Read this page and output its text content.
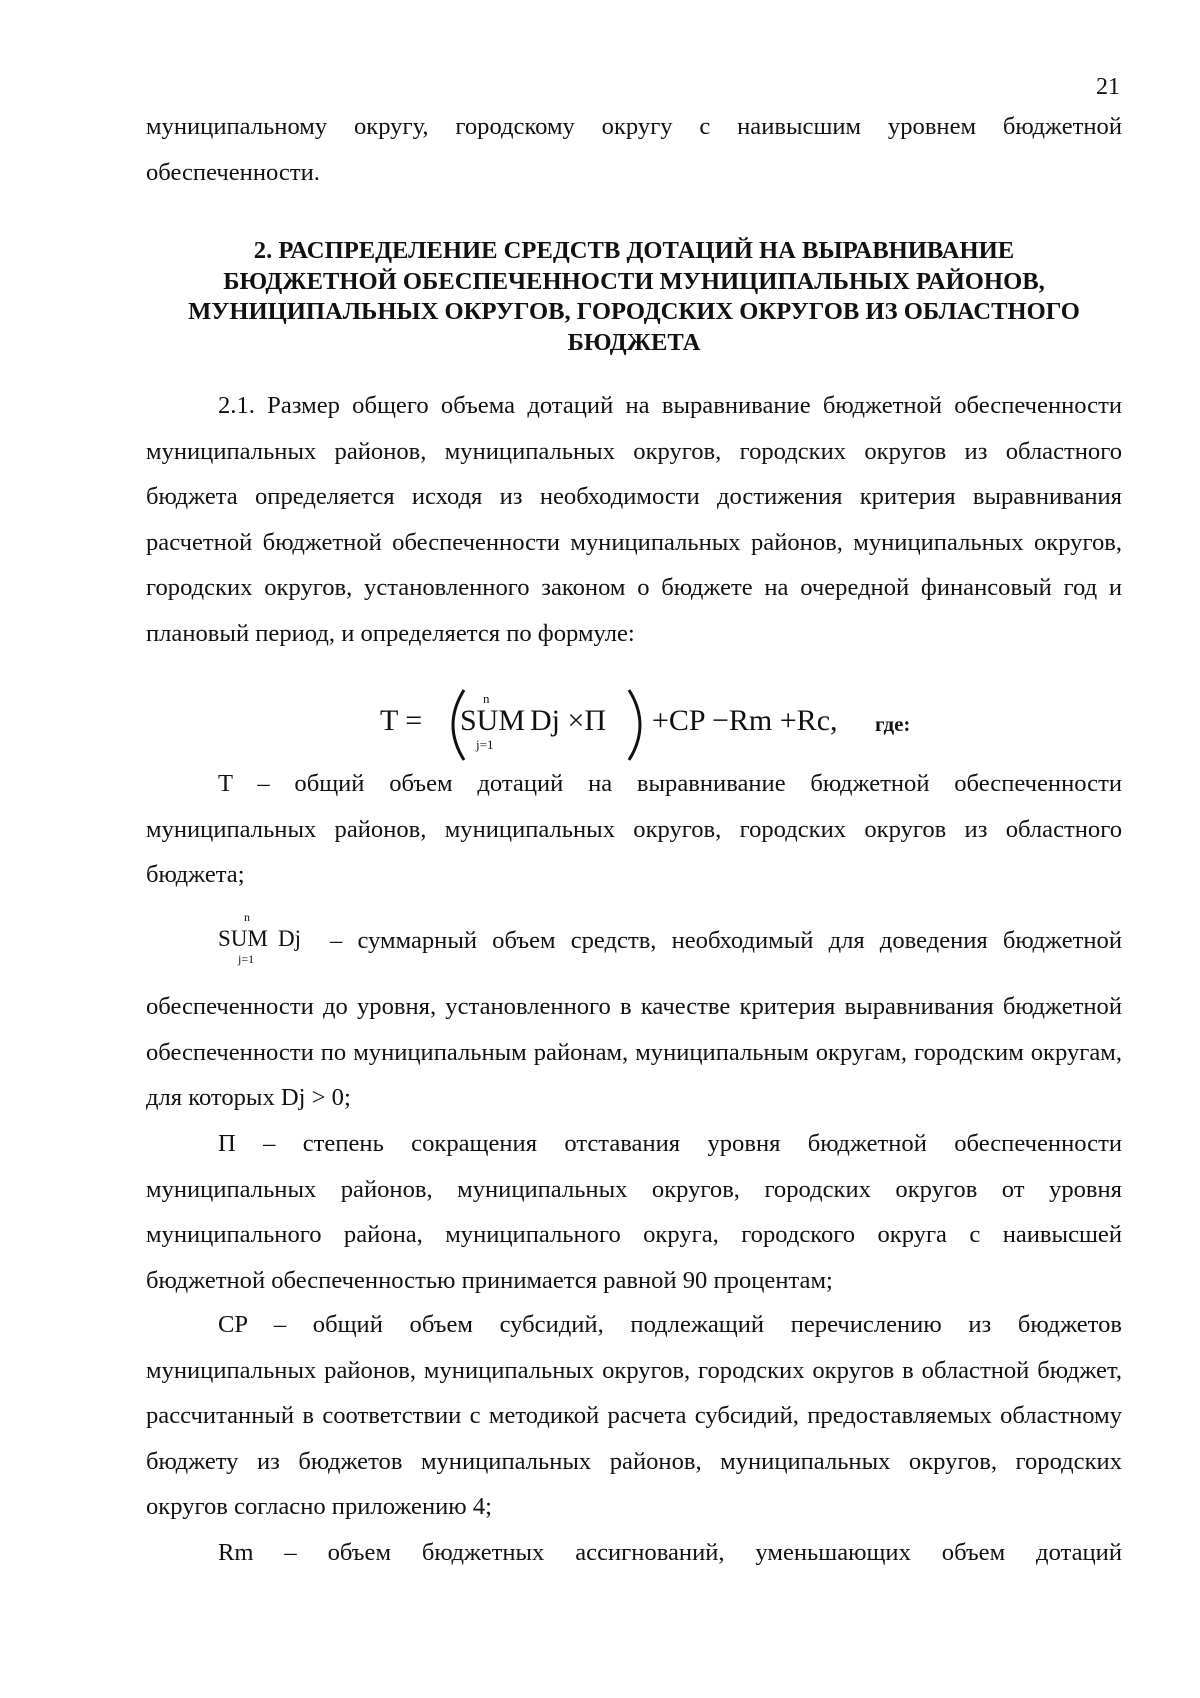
21

муниципальному округу, городскому округу с наивысшим уровнем бюджетной обеспеченности.

2. РАСПРЕДЕЛЕНИЕ СРЕДСТВ ДОТАЦИЙ НА ВЫРАВНИВАНИЕ
БЮДЖЕТНОЙ ОБЕСПЕЧЕННОСТИ МУНИЦИПАЛЬНЫХ РАЙОНОВ,
МУНИЦИПАЛЬНЫХ ОКРУГОВ, ГОРОДСКИХ ОКРУГОВ ИЗ ОБЛАСТНОГО
БЮДЖЕТА

2.1. Размер общего объема дотаций на выравнивание бюджетной обеспеченности муниципальных районов, муниципальных округов, городских округов из областного бюджета определяется исходя из необходимости достижения критерия выравнивания расчетной бюджетной обеспеченности муниципальных районов, муниципальных округов, городских округов, установленного законом о бюджете на очередной финансовый год и плановый период, и определяется по формуле:

T = SUM
n
j=1
Dj ×П +CP −Rm +Rc, где:

T – общий объем дотаций на выравнивание бюджетной обеспеченности муниципальных районов, муниципальных округов, городских округов из областного бюджета;

SUM
n
j=1
Dj – суммарный объем средств, необходимый для доведения бюджетной

обеспеченности до уровня, установленного в качестве критерия выравнивания бюджетной обеспеченности по муниципальным районам, муниципальным округам, городским округам, для которых Dj > 0;

П – степень сокращения отставания уровня бюджетной обеспеченности муниципальных районов, муниципальных округов, городских округов от уровня муниципального района, муниципального округа, городского округа с наивысшей бюджетной обеспеченностью принимается равной 90 процентам;

CP – общий объем субсидий, подлежащий перечислению из бюджетов муниципальных районов, муниципальных округов, городских округов в областной бюджет, рассчитанный в соответствии с методикой расчета субсидий, предоставляемых областному бюджету из бюджетов муниципальных районов, муниципальных округов, городских округов согласно приложению 4;

Rm – объем бюджетных ассигнований, уменьшающих объем дотаций
